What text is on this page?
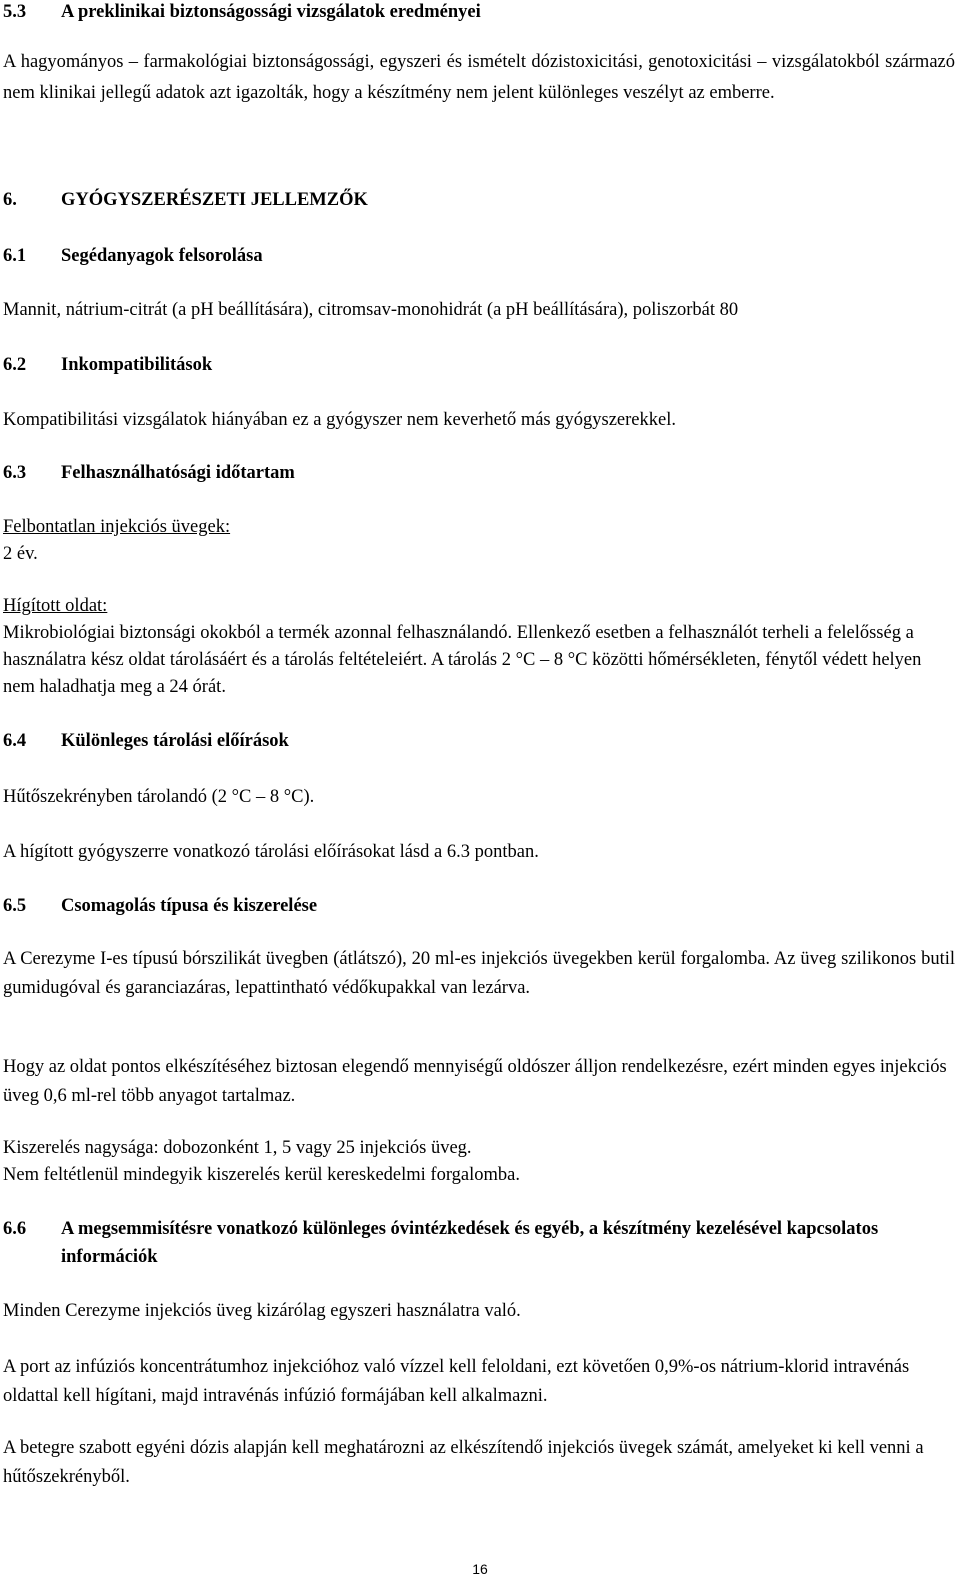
5.3 A preklinikai biztonságossági vizsgálatok eredményei

A hagyományos – farmakológiai biztonságossági, egyszeri és ismételt dózistoxicitási, genotoxicitási – vizsgálatokból származó nem klinikai jellegű adatok azt igazolták, hogy a készítmény nem jelent különleges veszélyt az emberre.

6. GYÓGYSZERÉSZETI JELLEMZŐK
6.1 Segédanyagok felsorolása

Mannit, nátrium-citrát (a pH beállítására), citromsav-monohidrát (a pH beállítására), poliszorbát 80

6.2 Inkompatibilitások

Kompatibilitási vizsgálatok hiányában ez a gyógyszer nem keverhető más gyógyszerekkel.

6.3 Felhasználhatósági időtartam

Felbontatlan injekciós üvegek:
2 év.

Hígított oldat:
Mikrobiológiai biztonsági okokból a termék azonnal felhasználandó. Ellenkező esetben a felhasználót terheli a felelősség a használatra kész oldat tárolásáért és a tárolás feltételeiért. A tárolás 2 °C – 8 °C közötti hőmérsékleten, fénytől védett helyen nem haladhatja meg a 24 órát.

6.4 Különleges tárolási előírások

Hűtőszekrényben tárolandó (2 °C – 8 °C).

A hígított gyógyszerre vonatkozó tárolási előírásokat lásd a 6.3 pontban.

6.5 Csomagolás típusa és kiszerelése

A Cerezyme I-es típusú bórszilikát üvegben (átlátszó), 20 ml-es injekciós üvegekben kerül forgalomba. Az üveg szilikonos butil gumidugóval és garanciazáras, lepattintható védőkupakkal van lezárva.

Hogy az oldat pontos elkészítéséhez biztosan elegendő mennyiségű oldószer álljon rendelkezésre, ezért minden egyes injekciós üveg 0,6 ml-rel több anyagot tartalmaz.

Kiszerelés nagysága: dobozonként 1, 5 vagy 25 injekciós üveg.
Nem feltétlenül mindegyik kiszerelés kerül kereskedelmi forgalomba.

6.6 A megsemmisítésre vonatkozó különleges óvintézkedések és egyéb, a készítmény kezelésével kapcsolatos információk

Minden Cerezyme injekciós üveg kizárólag egyszeri használatra való.

A port az infúziós koncentrátumhoz injekcióhoz való vízzel kell feloldani, ezt követően 0,9%-os nátrium-klorid intravénás oldattal kell hígítani, majd intravénás infúzió formájában kell alkalmazni.

A betegre szabott egyéni dózis alapján kell meghatározni az elkészítendő injekciós üvegek számát, amelyeket ki kell venni a hűtőszekrényből.

16
